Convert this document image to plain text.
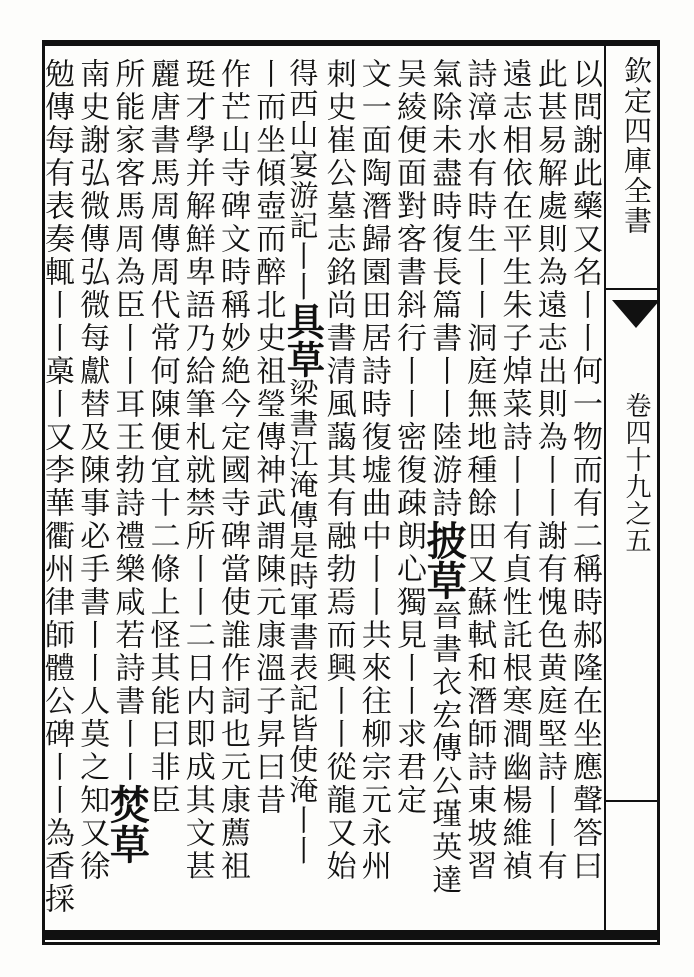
欽定四庫全書
卷四十九之五
以問謝此藥又名丨丨何一物而有二稱時郝隆在坐應聲答曰
此甚易解處則為遠志出則為丨丨謝有愧色黄庭堅詩丨丨有
遠志相依在平生朱子焯菜詩丨丨有貞性託根寒澗幽楊維禎
詩漳水有時生丨丨洞庭無地種餘田又蘇軾和潛師詩東坡習
氣除未盡時復長篇書丨丨陸游詩披草晉書衣宏傳公瑾英達
吴綾便面對客書斜行丨丨密復疎朗心獨見丨丨求君定
文一面陶潛歸園田居詩時復墟曲中丨丨共來往柳宗元永州
刺史崔公墓志銘尚書清風藹其有融勃焉而興丨丨從龍又始
得西山宴游記丨丨具草梁書江淹傳是時軍書表記皆使淹丨丨
丨而坐傾壺而醉北史祖瑩傳神武謂陳元康溫子昇曰昔
作芒山寺碑文時稱妙絶今定國寺碑當使誰作詞也元康薦祖
珽才學并解鮮卑語乃給筆札就禁所丨丨二日内即成其文甚
麗唐書馬周傳周代常何陳便宜十二條上怪其能曰非臣
所能家客馬周為臣丨丨耳王勃詩禮樂咸若詩書丨丨焚草
南史謝弘微傳弘微每獻替及陳事必手書丨丨人莫之知又徐
勉傳每有表奏輒丨丨槀丨又李華衢州律師體公碑丨丨為香採
